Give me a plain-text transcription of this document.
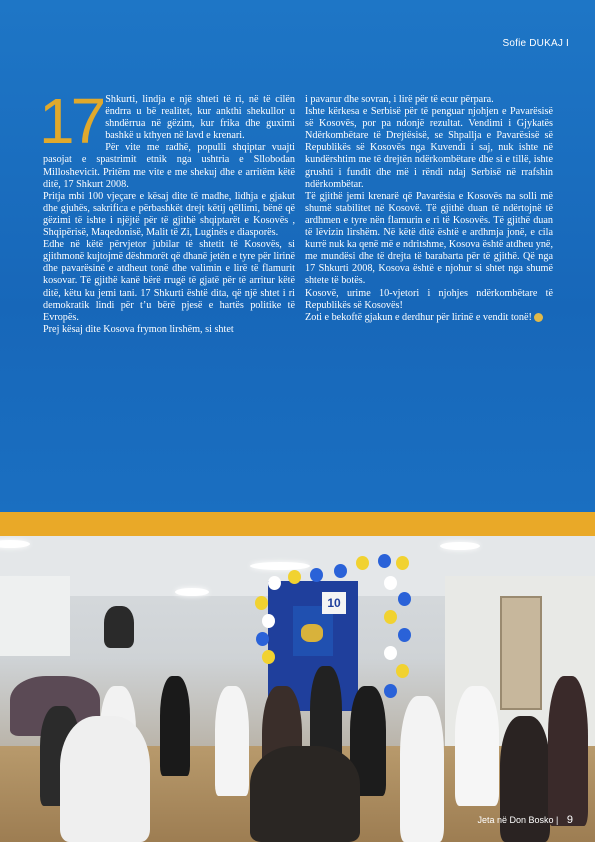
Sofie DUKAJ I
17 Shkurti, lindja e një shteti të ri, në të cilën ëndrra u bë realitet, kur ankthi shekullor u shndërrua në gëzim, kur frika dhe guximi bashkë u kthyen në lavd e krenari.

Për vite me radhë, populli shqiptar vuajti pasojat e spastrimit etnik nga ushtria e Sllobodan Milloshevicit. Pritëm me vite e me shekuj dhe e arritëm këtë ditë, 17 Shkurt 2008.

Pritja mbi 100 vjeçare e kësaj dite të madhe, lidhja e gjakut dhe gjuhës, sakrifica e përbashkët drejt këtij qëllimi, bënë që gëzimi të ishte i njëjtë për të gjithë shqiptarët e Kosovës , Shqipërisë, Maqedonisë, Malit të Zi, Luginës e diasporës.

Edhe në këtë përvjetor jubilar të shtetit të Kosovës, si gjithmonë kujtojmë dëshmorët që dhanë jetën e tyre për lirinë dhe pavarësinë e atdheut tonë dhe valimin e lirë të flamurit kosovar. Të gjithë kanë bërë rrugë të gjatë për të arritur këtë ditë, këtu ku jemi tani. 17 Shkurti është dita, që një shtet i ri demokratik lindi për t’u bërë pjesë e hartës politike të Evropës.

Prej kësaj dite Kosova frymon lirshëm, si shtet

i pavarur dhe sovran, i lirë për të ecur përpara.

Ishte kërkesa e Serbisë për të penguar njohjen e Pavarësisë së Kosovës, por pa ndonjë rezultat. Vendimi i Gjykatës Ndërkombëtare të Drejtësisë, se Shpallja e Pavarësisë së Republikës së Kosovës nga Kuvendi i saj, nuk ishte në kundërshtim me të drejtën ndërkombëtare dhe si e tillë, ishte grushti i fundit dhe më i rëndi ndaj Serbisë në rrafshin ndërkombëtar.

Të gjithë jemi krenarë që Pavarësia e Kosovës na solli më shumë stabilitet në Kosovë. Të gjithë duan të ndërtojnë të ardhmen e tyre nën flamurin e ri të Kosovës. Të gjithë duan të lëvizin lirshëm. Në këtë ditë është e ardhmja jonë, e cila kurrë nuk ka qenë më e ndritshme, Kosova është atdheu ynë, me mundësi dhe të drejta të barabarta për të gjithë. Që nga 17 Shkurti 2008, Kosova është e njohur si shtet nga shumë shtete të botës.

Kosovë, urime 10-vjetori i njohjes ndërkombëtare të Republikës së Kosovës!

Zoti e bekoftë gjakun e derdhur për lirinë e vendit tonë!

10
Jeta në Don Bosko | 9
